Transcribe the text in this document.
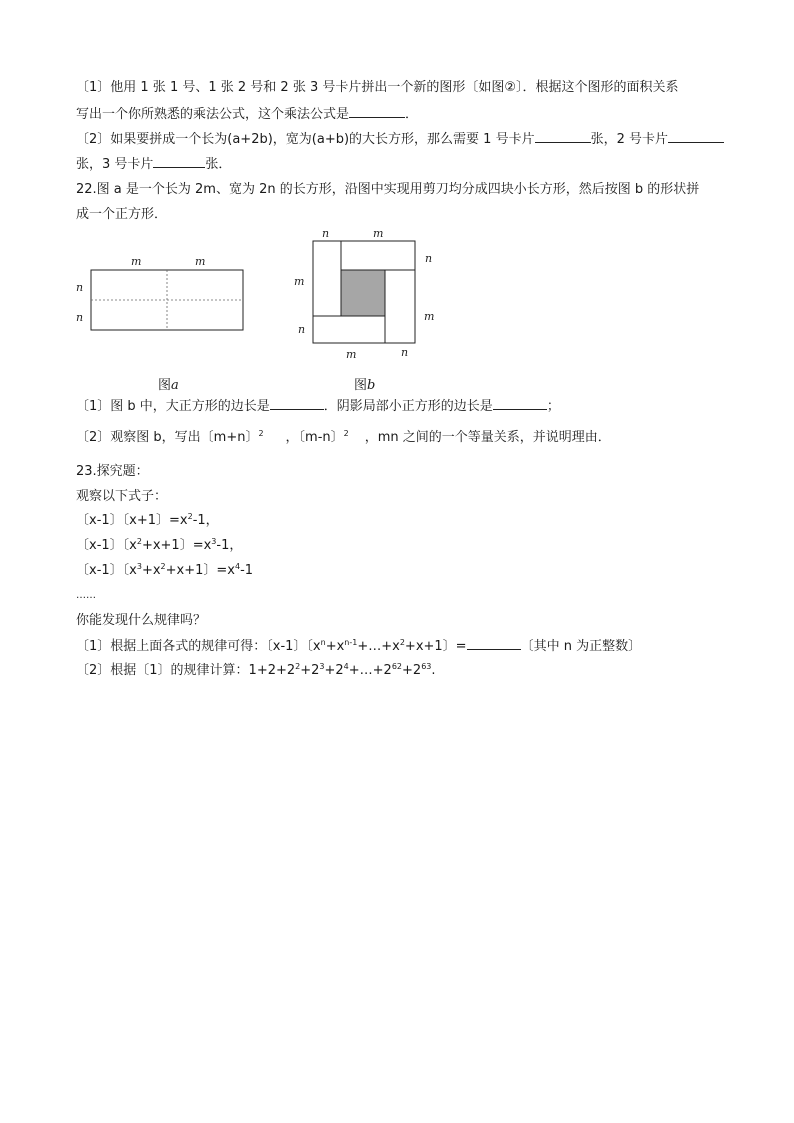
〔1〕他用 1 张 1 号、1 张 2 号和 2 张 3 号卡片拼出一个新的图形〔如图②〕．根据这个图形的面积关系
写出一个你所熟悉的乘法公式，这个乘法公式是	．
〔2〕如果要拼成一个长为(a+2b)，宽为(a+b)的大长方形，那么需要 1 号卡片	张，2 号卡片
张，3 号卡片	张．
22.图 a 是一个长为 2m、宽为 2n 的长方形，沿图中实现用剪刀均分成四块小长方形，然后按图 b 的形状拼
成一个正方形．
m	m
n
n
n	m
n
m
m
n
m	n
图a	图b
〔1〕图 b 中，大正方形的边长是	．阴影局部小正方形的边长是	；
〔2〕观察图 b，写出〔m+n〕$^2$ ，〔m-n〕$^2$ ，mn 之间的一个等量关系，并说明理由．
23.探究题：
观察以下式子：
〔x-1〕〔x+1〕$=x^2-1$，
〔x-1〕〔$x^2+x+1$〕$=x^3-1$，
〔x-1〕〔$x^3+x^2+x+1$〕$=x^4-1$
……
你能发现什么规律吗？
〔1〕根据上面各式的规律可得：〔x-1〕〔$x^n+x^{n-1}+\dots+x^2+x+1$〕=	〔其中 n 为正整数〕
〔2〕根据〔1〕的规律计算：$1+2+2^2+2^3+2^4+\dots+2^{62}+2^{63}$.
